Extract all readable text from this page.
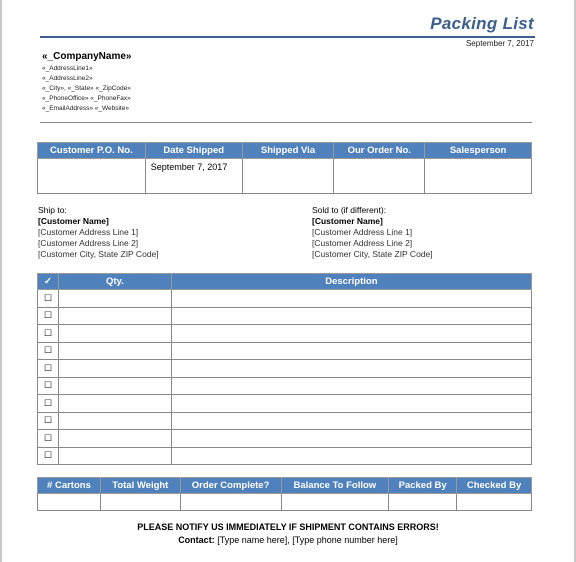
Packing List
September 7, 2017
«_CompanyName»
«_AddressLine1»
«_AddressLine2»
«_City», «_State» «_ZipCode»
«_PhoneOffice» «_PhoneFax»
«_EmailAddress» «_Website»
Customer P.O. No.	Date Shipped	Shipped Via	Our Order No.	Salesperson
	September 7, 2017			
Ship to:
[Customer Name]
[Customer Address Line 1]
[Customer Address Line 2]
[Customer City, State ZIP Code]
Sold to (if different):
[Customer Name]
[Customer Address Line 1]
[Customer Address Line 2]
[Customer City, State ZIP Code]
✓	Qty.	Description
☐		
☐		
☐		
☐		
☐		
☐		
☐		
☐		
☐		
☐		
# Cartons	Total Weight	Order Complete?	Balance To Follow	Packed By	Checked By

PLEASE NOTIFY US IMMEDIATELY IF SHIPMENT CONTAINS ERRORS!
Contact: [Type name here], [Type phone number here]
